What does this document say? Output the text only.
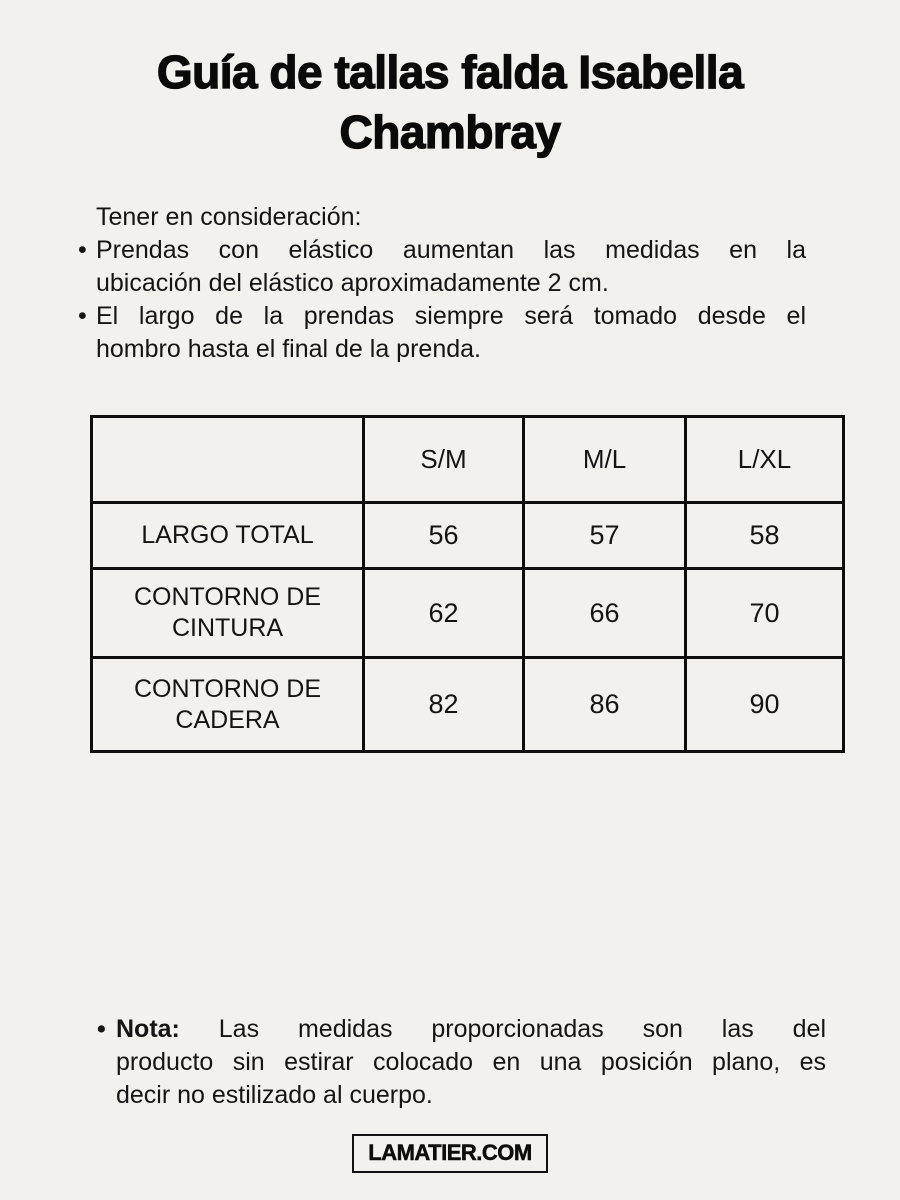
Guía de tallas falda Isabella
Chambray

Tener en consideración:

• Prendas con elástico aumentan las medidas en la
ubicación del elástico aproximadamente 2 cm.
• El largo de la prendas siempre será tomado desde el
hombro hasta el final de la prenda.
	S/M	M/L	L/XL
LARGO TOTAL	56	57	58
CONTORNO DE CINTURA	62	66	70
CONTORNO DE CADERA	82	86	90
• Nota: Las medidas proporcionadas son las del
producto sin estirar colocado en una posición plano, es
decir no estilizado al cuerpo.
LAMATIER.COM
